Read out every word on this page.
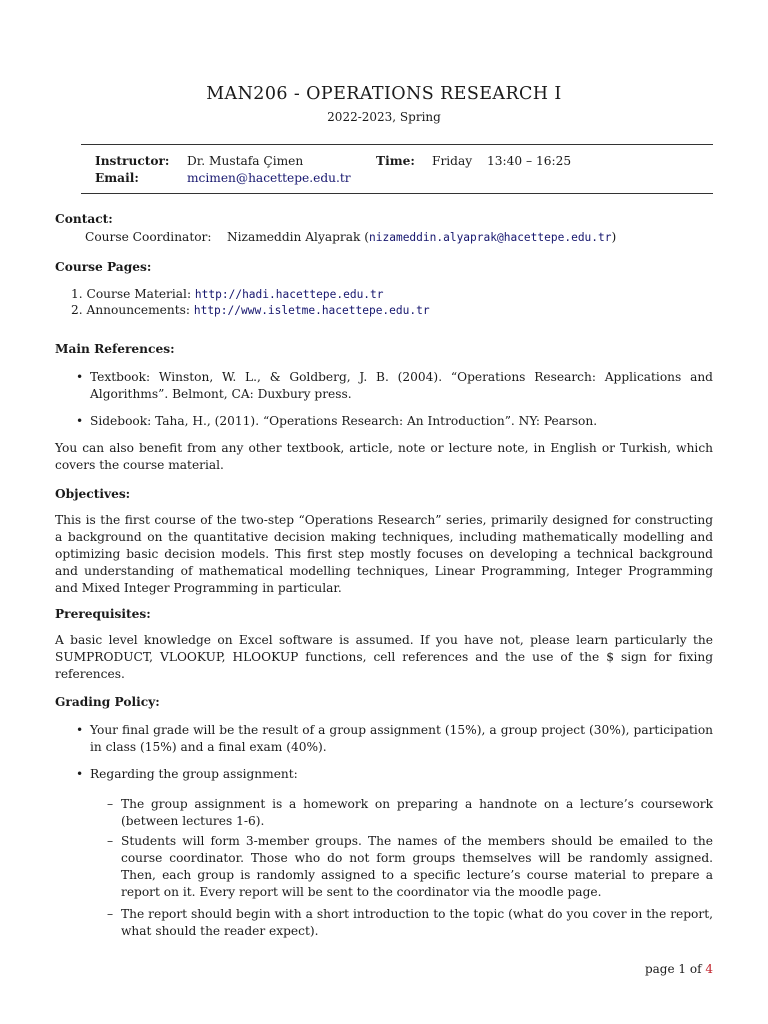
MAN206 - OPERATIONS RESEARCH I
2022-2023, Spring
Instructor: Dr. Mustafa Çimen	Time: Friday 13:40 – 16:25
Email:	mcimen@hacettepe.edu.tr
Contact:
Course Coordinator: Nizameddin Alyaprak (nizameddin.alyaprak@hacettepe.edu.tr)
Course Pages:
1. Course Material: http://hadi.hacettepe.edu.tr
2. Announcements: http://www.isletme.hacettepe.edu.tr
Main References:
• Textbook: Winston, W. L., & Goldberg, J. B. (2004). “Operations Research: Applications and Algorithms”. Belmont, CA: Duxbury press.
• Sidebook: Taha, H., (2011). “Operations Research: An Introduction”. NY: Pearson.
You can also benefit from any other textbook, article, note or lecture note, in English or Turkish, which covers the course material.
Objectives:
This is the first course of the two-step “Operations Research” series, primarily designed for constructing a background on the quantitative decision making techniques, including mathematically modelling and optimizing basic decision models. This first step mostly focuses on developing a technical background and understanding of mathematical modelling techniques, Linear Programming, Integer Programming and Mixed Integer Programming in particular.
Prerequisites:
A basic level knowledge on Excel software is assumed. If you have not, please learn particularly the SUMPRODUCT, VLOOKUP, HLOOKUP functions, cell references and the use of the $ sign for fixing references.
Grading Policy:
• Your final grade will be the result of a group assignment (15%), a group project (30%), participation in class (15%) and a final exam (40%).
• Regarding the group assignment:
– The group assignment is a homework on preparing a handnote on a lecture’s coursework (between lectures 1-6).
– Students will form 3-member groups. The names of the members should be emailed to the course coordinator. Those who do not form groups themselves will be randomly assigned. Then, each group is randomly assigned to a specific lecture’s course material to prepare a report on it. Every report will be sent to the coordinator via the moodle page.
– The report should begin with a short introduction to the topic (what do you cover in the report, what should the reader expect).
page 1 of 4
